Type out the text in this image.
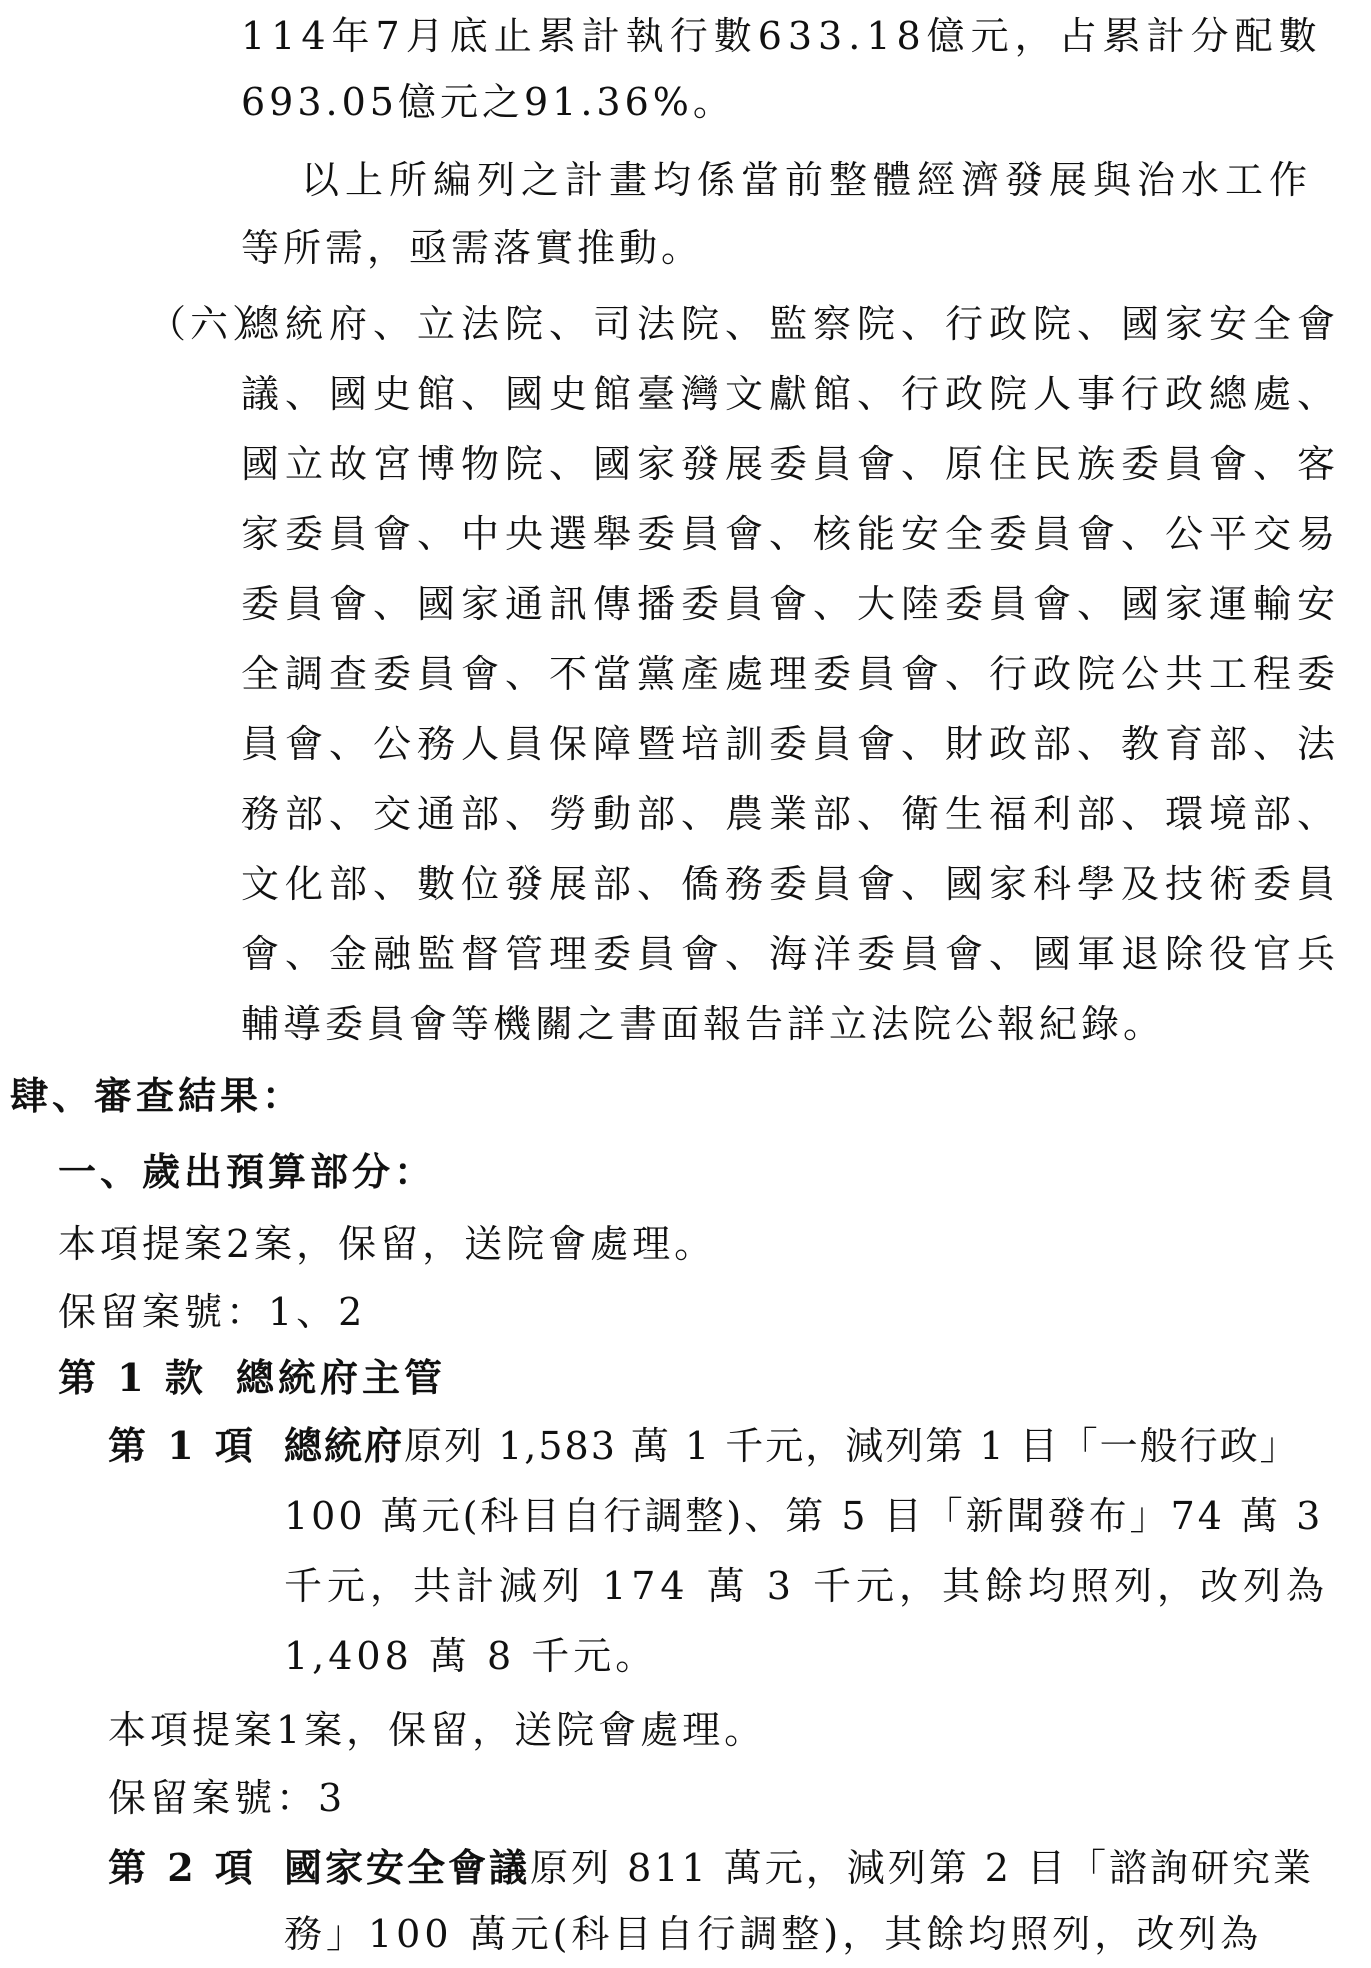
114年7月底止累計執行數633.18億元，占累計分配數
693.05億元之91.36%。
以上所編列之計畫均係當前整體經濟發展與治水工作
等所需，亟需落實推動。
（六）
總統府、立法院、司法院、監察院、行政院、國家安全會
議、國史館、國史館臺灣文獻館、行政院人事行政總處、
國立故宮博物院、國家發展委員會、原住民族委員會、客
家委員會、中央選舉委員會、核能安全委員會、公平交易
委員會、國家通訊傳播委員會、大陸委員會、國家運輸安
全調查委員會、不當黨產處理委員會、行政院公共工程委
員會、公務人員保障暨培訓委員會、財政部、教育部、法
務部、交通部、勞動部、農業部、衛生福利部、環境部、
文化部、數位發展部、僑務委員會、國家科學及技術委員
會、金融監督管理委員會、海洋委員會、國軍退除役官兵
輔導委員會等機關之書面報告詳立法院公報紀錄。
肆、審查結果：
一、歲出預算部分：
本項提案2案，保留，送院會處理。
保留案號：1、2
第 1 款 總統府主管
第 1 項 總統府原列 1,583 萬 1 千元，減列第 1 目「一般行政」
100 萬元(科目自行調整)、第 5 目「新聞發布」74 萬 3
千元，共計減列 174 萬 3 千元，其餘均照列，改列為
1,408 萬 8 千元。
本項提案1案，保留，送院會處理。
保留案號：3
第 2 項 國家安全會議原列 811 萬元，減列第 2 目「諮詢研究業
務」100 萬元(科目自行調整)，其餘均照列，改列為
